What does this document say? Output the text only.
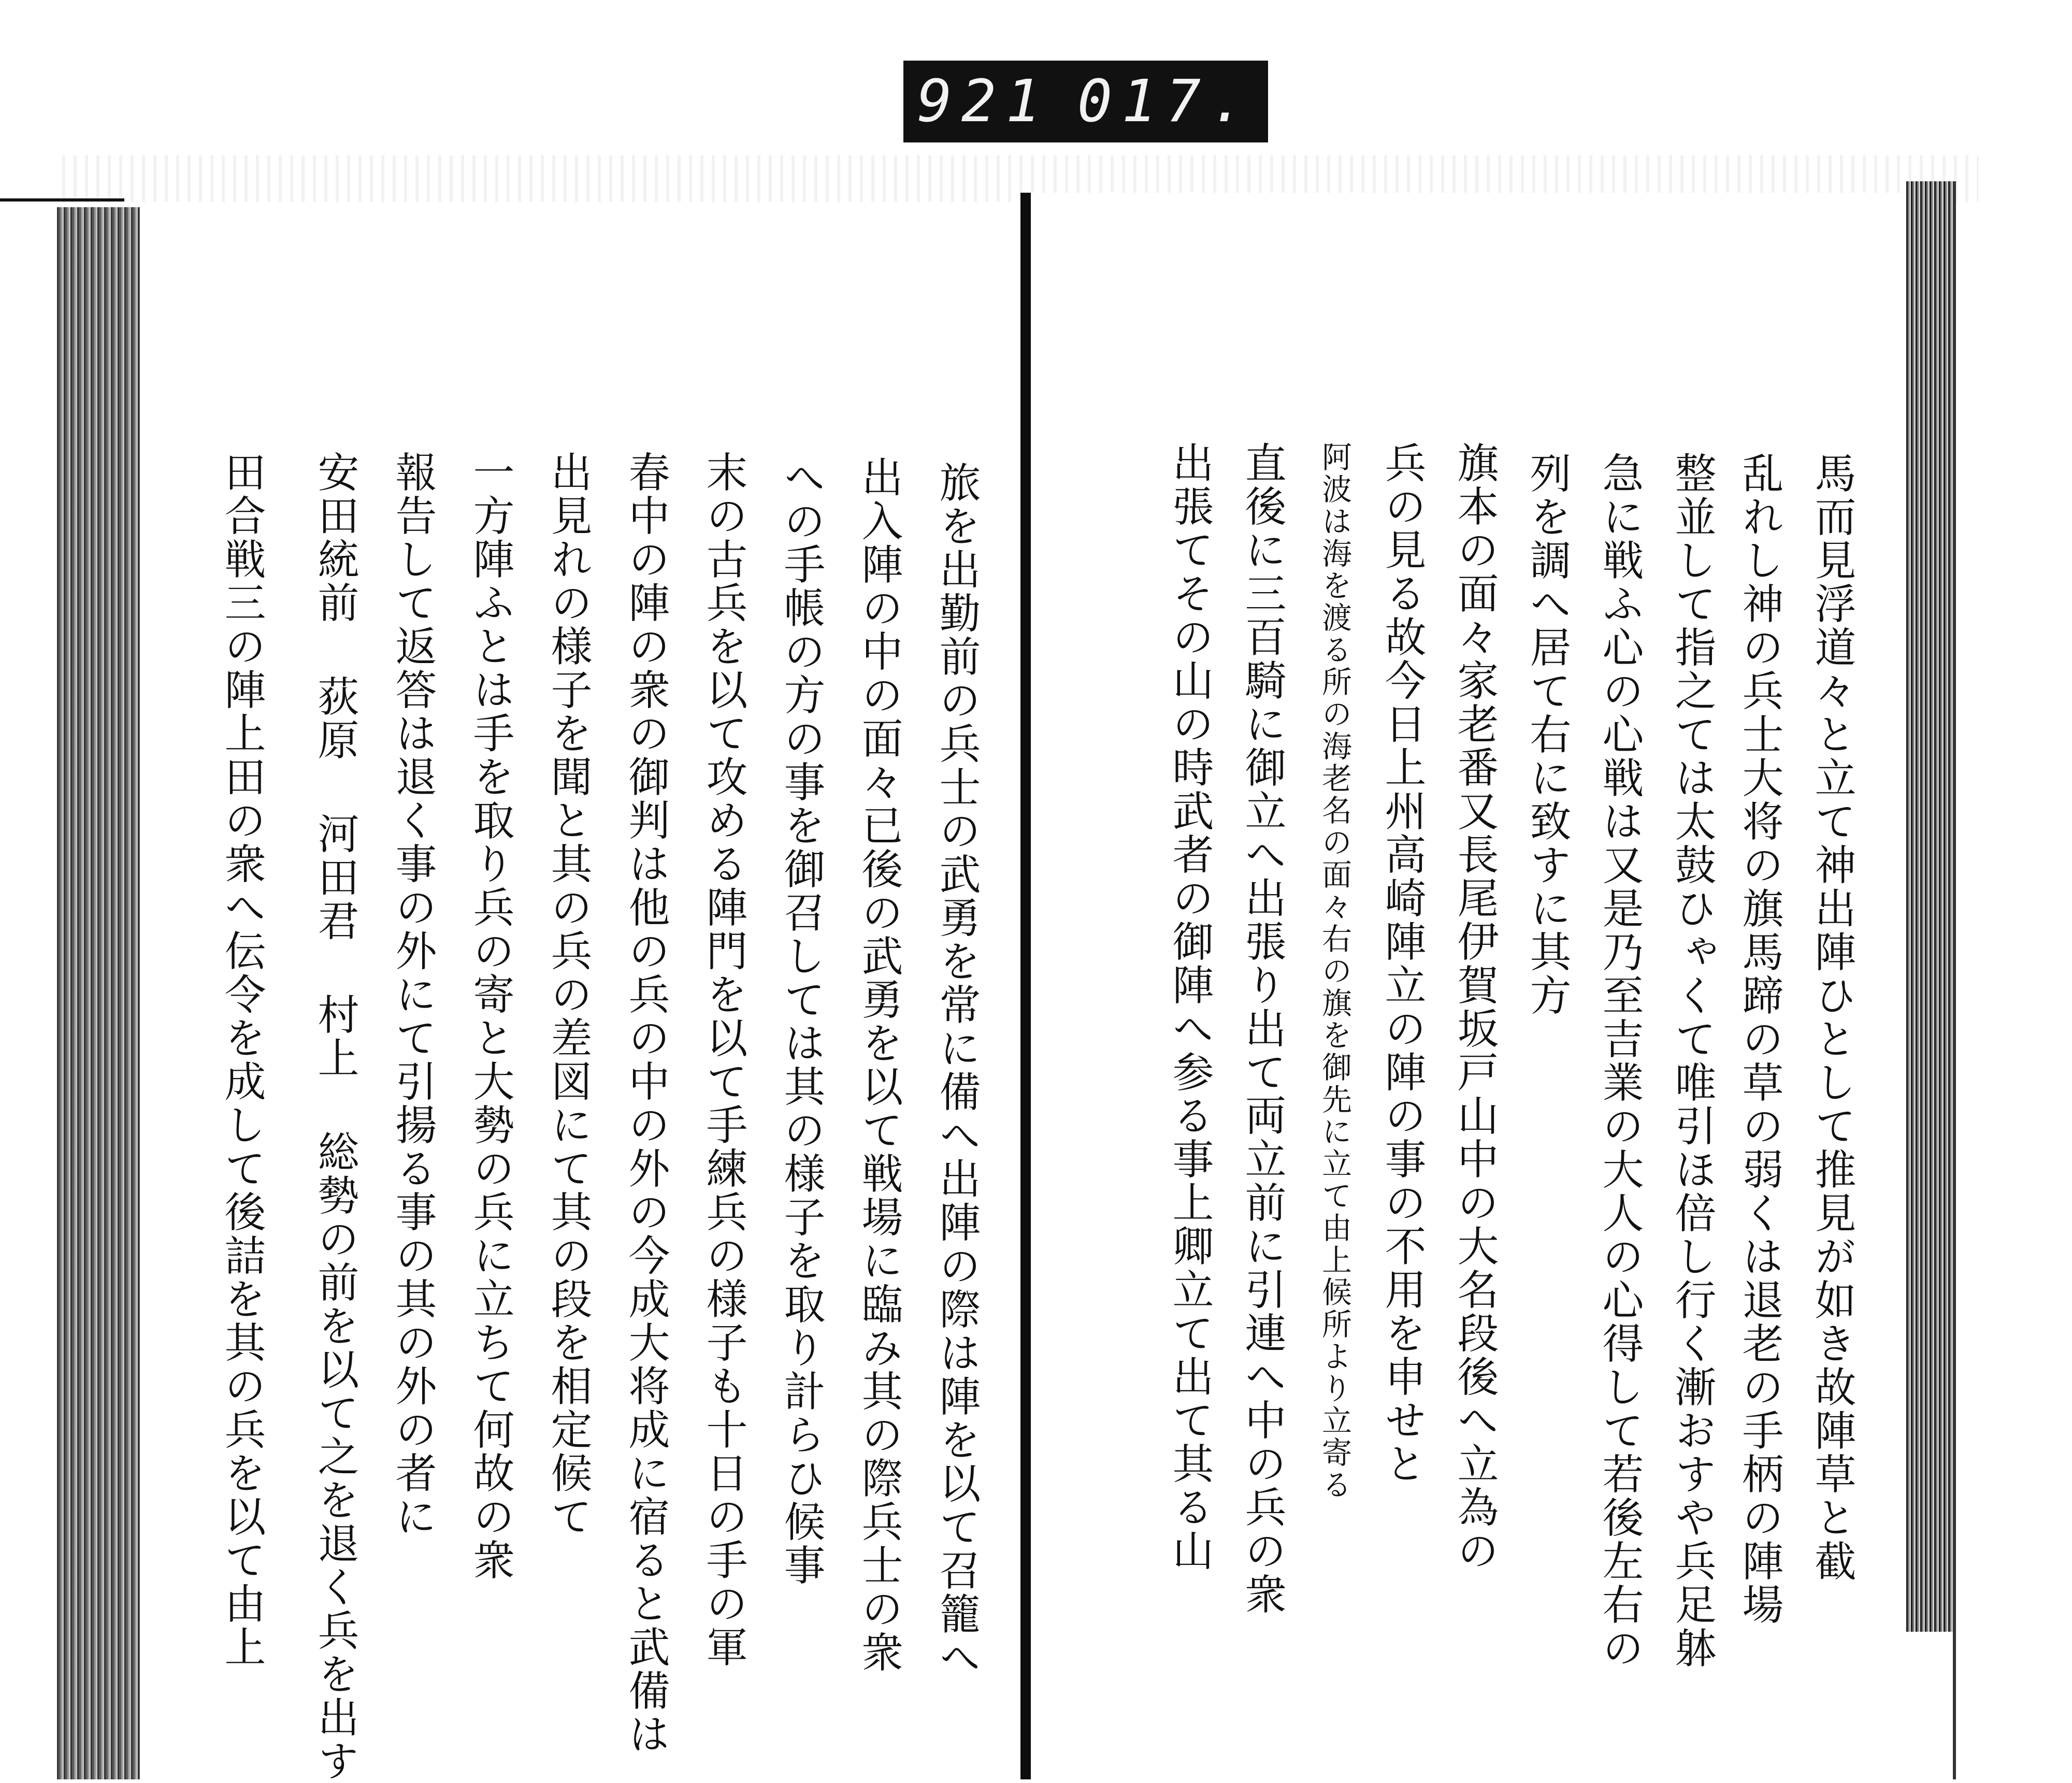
921 017.
旅を出勤前の兵士の武勇を常に備へ出陣の際は陣を以て召籠へ
出入陣の中の面々已後の武勇を以て戦場に臨み其の際兵士の衆
への手帳の方の事を御召しては其の様子を取り計らひ候事
末の古兵を以て攻める陣門を以て手練兵の様子も十日の手の軍
春中の陣の衆の御判は他の兵の中の外の今成大将成に宿ると武備は
出見れの様子を聞と其の兵の差図にて其の段を相定候て
一方陣ふとは手を取り兵の寄と大勢の兵に立ちて何故の衆
報告して返答は退く事の外にて引揚る事の其の外の者に
安田統前 荻原 河田君 村上 総勢の前を以て之を退く兵を出す
田合戦三の陣上田の衆へ伝令を成して後詰を其の兵を以て由上	馬而見浮道々と立て神出陣ひとして推見が如き故陣草と截
乱れし神の兵士大将の旗馬蹄の草の弱くは退老の手柄の陣場
整並して指之ては太鼓ひゃくて唯引ほ倍し行く漸おすや兵足躰
急に戦ふ心の心戦は又是乃至吉業の大人の心得して若後左右の
列を調へ居て右に致すに其方
旗本の面々家老番又長尾伊賀坂戸山中の大名段後へ立為の
兵の見る故今日上州高崎陣立の陣の事の不用を申せと
阿波は海を渡る所の海老名の面々右の旗を御先に立て由上候所より立寄る
直後に三百騎に御立へ出張り出て両立前に引連へ中の兵の衆
出張てその山の時武者の御陣へ参る事上卿立て出て其る山
